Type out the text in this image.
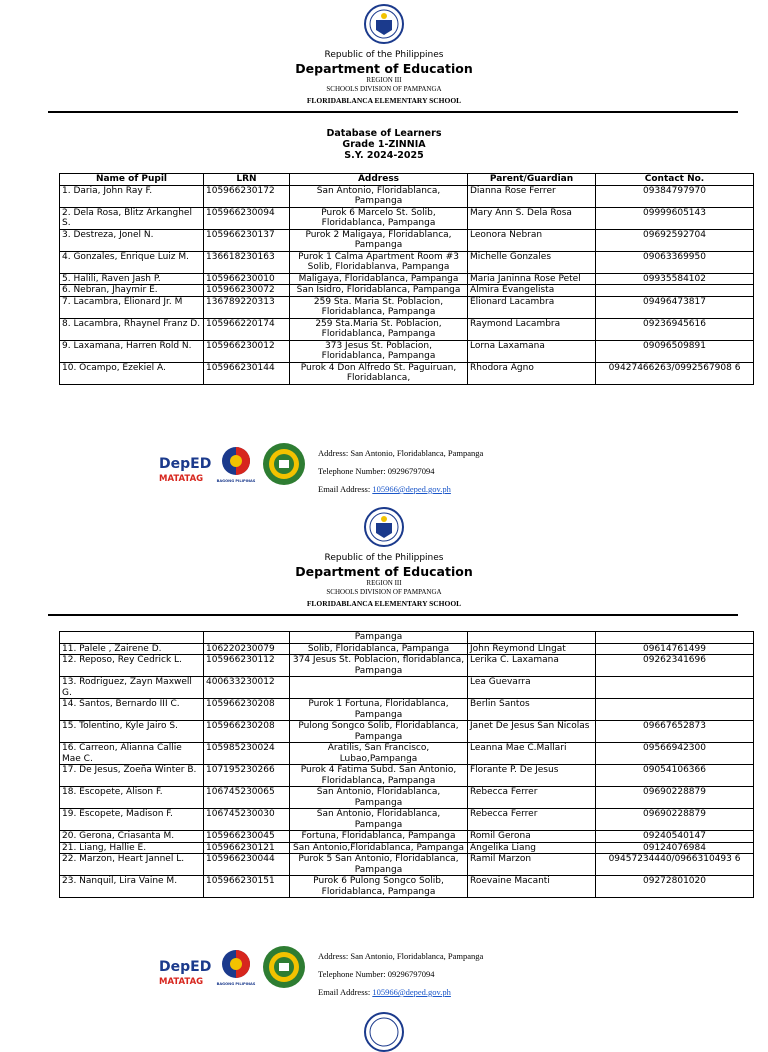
Republic of the Philippines
Department of Education
REGION III
SCHOOLS DIVISION OF PAMPANGA
FLORIDABLANCA ELEMENTARY SCHOOL
Database of Learners
Grade 1-ZINNIA
S.Y. 2024-2025
Name of Pupil	LRN	Address	Parent/Guardian	Contact No.
1. Daria, John Ray F.	105966230172	San Antonio, Floridablanca, Pampanga	Dianna Rose Ferrer	09384797970
2. Dela Rosa, Blitz Arkanghel S.	105966230094	Purok 6 Marcelo St. Solib, Floridablanca, Pampanga	Mary Ann S. Dela Rosa	09999605143
3. Destreza, Jonel N.	105966230137	Purok 2 Maligaya, Floridablanca, Pampanga	Leonora Nebran	09692592704
4. Gonzales, Enrique Luiz M.	136618230163	Purok 1 Calma Apartment Room #3 Solib, Floridablanva, Pampanga	Michelle Gonzales	09063369950
5. Halili, Raven Jash P.	105966230010	Maligaya, Floridablanca, Pampanga	Maria Janinna Rose Petel	09935584102
6. Nebran, Jhaymir E.	105966230072	San Isidro, Floridablanca, Pampanga	Almira Evangelista	
7. Lacambra, Elionard Jr. M	136789220313	259 Sta. Maria St. Poblacion, Floridablanca, Pampanga	Elionard Lacambra	09496473817
8. Lacambra, Rhaynel Franz D.	105966220174	259 Sta.Maria St. Poblacion, Floridablanca, Pampanga	Raymond Lacambra	09236945616
9. Laxamana, Harren Rold N.	105966230012	373 Jesus St. Poblacion, Floridablanca, Pampanga	Lorna Laxamana	09096509891
10. Ocampo, Ezekiel A.	105966230144	Purok 4 Don Alfredo St. Paguiruan, Floridablanca,	Rhodora Agno	09427466263/0992567908 6
DepED
MATATAG	BAGONG PILIPINAS
Address: San Antonio, Floridablanca, Pampanga
Telephone Number: 09296797094
Email Address: 105966@deped.gov.ph
Republic of the Philippines
Department of Education
REGION III
SCHOOLS DIVISION OF PAMPANGA
FLORIDABLANCA ELEMENTARY SCHOOL
		Pampanga		
11. Palele , Zairene D.	106220230079	Solib, Floridablanca, Pampanga	John Reymond LIngat	09614761499
12. Reposo, Rey Cedrick L.	105966230112	374 Jesus St. Poblacion, floridablanca, Pampanga	Lerika C. Laxamana	09262341696
13. Rodriguez, Zayn Maxwell G.	400633230012		Lea Guevarra	
14. Santos, Bernardo III C.	105966230208	Purok 1 Fortuna, Floridablanca, Pampanga	Berlin Santos	
15. Tolentino, Kyle Jairo S.	105966230208	Pulong Songco Solib, Floridablanca, Pampanga	Janet De Jesus San Nicolas	09667652873
16. Carreon, Alianna Callie Mae C.	105985230024	Aratilis, San Francisco, Lubao,Pampanga	Leanna Mae C.Mallari	09566942300
17. De Jesus, Zoeña Winter B.	107195230266	Purok 4 Fatima Subd. San Antonio, Floridablanca, Pampanga	Florante P. De Jesus	09054106366
18. Escopete, Alison F.	106745230065	San Antonio, Floridablanca, Pampanga	Rebecca Ferrer	09690228879
19. Escopete, Madison F.	106745230030	San Antonio, Floridablanca, Pampanga	Rebecca Ferrer	09690228879
20. Gerona, Criasanta M.	105966230045	Fortuna, Floridablanca, Pampanga	Romil Gerona	09240540147
21. Liang, Hallie E.	105966230121	San Antonio,Floridablanca, Pampanga	Angelika Liang	09124076984
22. Marzon, Heart Jannel L.	105966230044	Purok 5 San Antonio, Floridablanca, Pampanga	Ramil Marzon	09457234440/0966310493 6
23. Nanquil, Lira Vaine M.	105966230151	Purok 6 Pulong Songco Solib, Floridablanca, Pampanga	Roevaine Macanti	09272801020
DepED
MATATAG	BAGONG PILIPINAS
Address: San Antonio, Floridablanca, Pampanga
Telephone Number: 09296797094
Email Address: 105966@deped.gov.ph
